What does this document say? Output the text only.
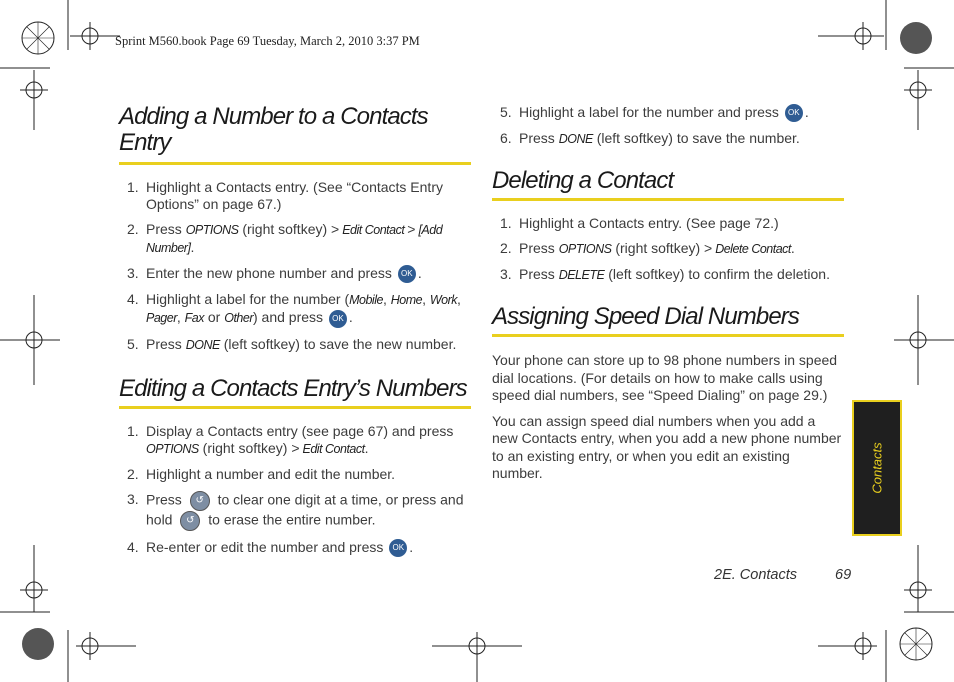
Sprint M560.book Page 69 Tuesday, March 2, 2010 3:37 PM
Adding a Number to a Contacts Entry
1. Highlight a Contacts entry. (See “Contacts Entry Options” on page 67.)
2. Press OPTIONS (right softkey) > Edit Contact > [Add Number].
3. Enter the new phone number and press OK .
4. Highlight a label for the number (Mobile, Home, Work, Pager, Fax or Other) and press OK .
5. Press DONE (left softkey) to save the new number.
Editing a Contacts Entry’s Numbers
1. Display a Contacts entry (see page 67) and press OPTIONS (right softkey) > Edit Contact.
2. Highlight a number and edit the number.
3. Press ↺ to clear one digit at a time, or press and hold ↺ to erase the entire number.
4. Re-enter or edit the number and press OK .
5. Highlight a label for the number and press OK .
6. Press DONE (left softkey) to save the number.
Deleting a Contact
1. Highlight a Contacts entry. (See page 72.)
2. Press OPTIONS (right softkey) > Delete Contact.
3. Press DELETE (left softkey) to confirm the deletion.
Assigning Speed Dial Numbers

Your phone can store up to 98 phone numbers in speed dial locations. (For details on how to make calls using speed dial numbers, see “Speed Dialing” on page 29.)

You can assign speed dial numbers when you add a new Contacts entry, when you add a new phone number to an existing entry, or when you edit an existing number.	Contacts
2E. Contacts	69
